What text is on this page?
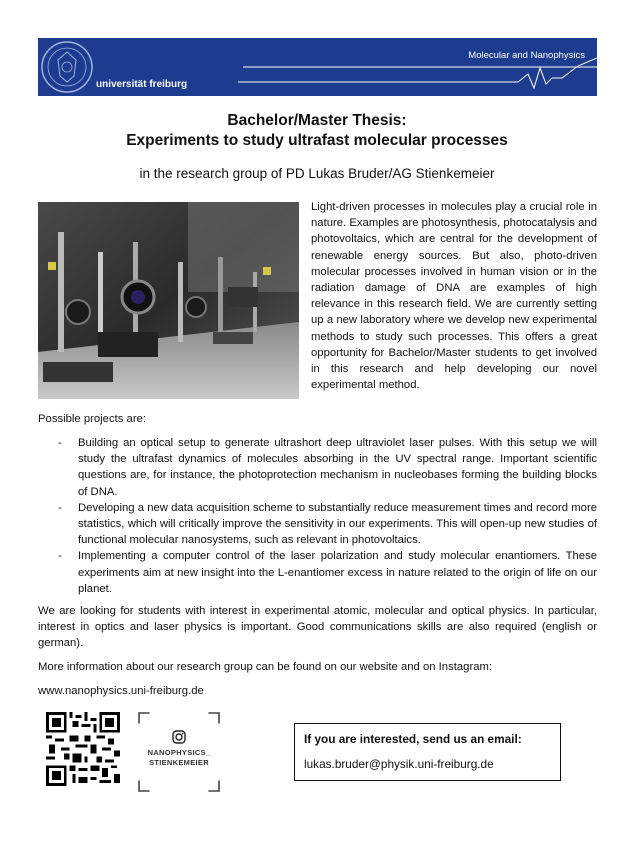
universität freiburg
Molecular and Nanophysics
Bachelor/Master Thesis:
Experiments to study ultrafast molecular processes
in the research group of PD Lukas Bruder/AG Stienkemeier

Light-driven processes in molecules play a crucial role in nature. Examples are photosynthesis, photocatalysis and photovoltaics, which are central for the development of renewable energy sources. But also, photo-driven molecular processes involved in human vision or in the radiation damage of DNA are examples of high relevance in this research field. We are currently setting up a new laboratory where we develop new experimental methods to study such processes. This offers a great opportunity for Bachelor/Master students to get involved in this research and help developing our novel experimental method.

Possible projects are:

- Building an optical setup to generate ultrashort deep ultraviolet laser pulses. With this setup we will study the ultrafast dynamics of molecules absorbing in the UV spectral range. Important scientific questions are, for instance, the photoprotection mechanism in nucleobases forming the building blocks of DNA.
- Developing a new data acquisition scheme to substantially reduce measurement times and record more statistics, which will critically improve the sensitivity in our experiments. This will open-up new studies of functional molecular nanosystems, such as relevant in photovoltaics.
- Implementing a computer control of the laser polarization and study molecular enantiomers. These experiments aim at new insight into the L-enantiomer excess in nature related to the origin of life on our planet.

We are looking for students with interest in experimental atomic, molecular and optical physics. In particular, interest in optics and laser physics is important. Good communications skills are also required (english or german).

More information about our research group can be found on our website and on Instagram:

www.nanophysics.uni-freiburg.de

NANOPHYSICS_
STIENKEMEIER
If you are interested, send us an email:
lukas.bruder@physik.uni-freiburg.de
